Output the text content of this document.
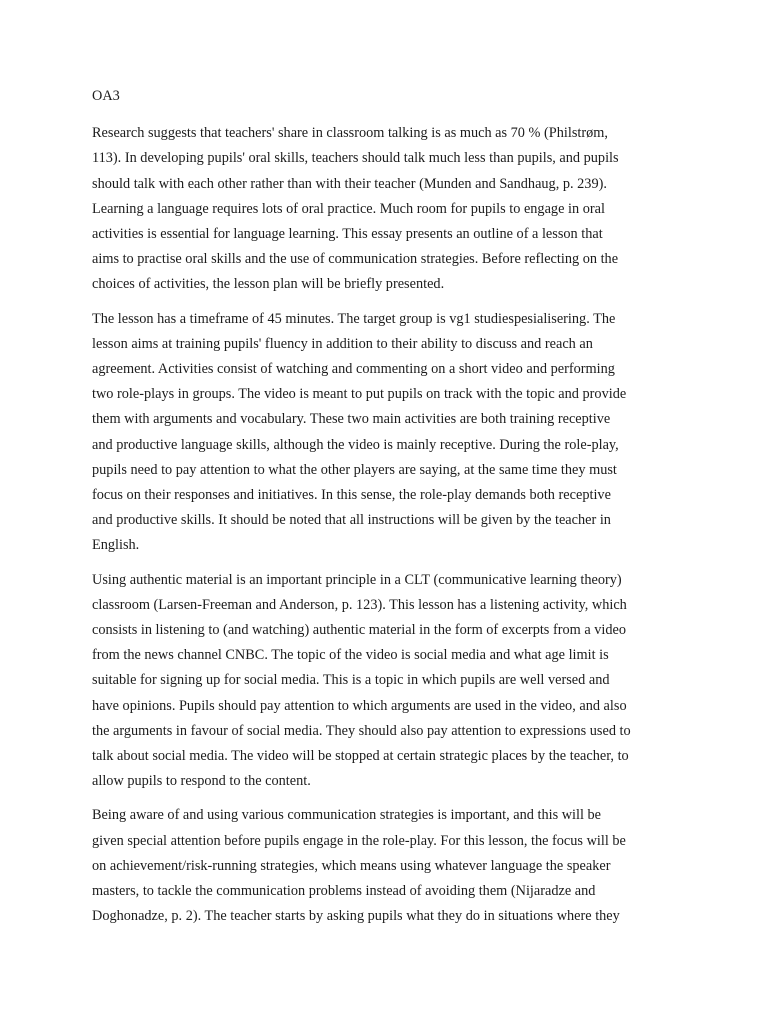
OA3

Research suggests that teachers' share in classroom talking is as much as 70 % (Philstrøm,
113). In developing pupils' oral skills, teachers should talk much less than pupils, and pupils
should talk with each other rather than with their teacher (Munden and Sandhaug, p. 239).
Learning a language requires lots of oral practice. Much room for pupils to engage in oral
activities is essential for language learning. This essay presents an outline of a lesson that
aims to practise oral skills and the use of communication strategies. Before reflecting on the
choices of activities, the lesson plan will be briefly presented.

The lesson has a timeframe of 45 minutes. The target group is vg1 studiespesialisering. The
lesson aims at training pupils' fluency in addition to their ability to discuss and reach an
agreement. Activities consist of watching and commenting on a short video and performing
two role-plays in groups. The video is meant to put pupils on track with the topic and provide
them with arguments and vocabulary. These two main activities are both training receptive
and productive language skills, although the video is mainly receptive. During the role-play,
pupils need to pay attention to what the other players are saying, at the same time they must
focus on their responses and initiatives. In this sense, the role-play demands both receptive
and productive skills. It should be noted that all instructions will be given by the teacher in
English.

Using authentic material is an important principle in a CLT (communicative learning theory)
classroom (Larsen-Freeman and Anderson, p. 123). This lesson has a listening activity, which
consists in listening to (and watching) authentic material in the form of excerpts from a video
from the news channel CNBC. The topic of the video is social media and what age limit is
suitable for signing up for social media. This is a topic in which pupils are well versed and
have opinions. Pupils should pay attention to which arguments are used in the video, and also
the arguments in favour of social media. They should also pay attention to expressions used to
talk about social media. The video will be stopped at certain strategic places by the teacher, to
allow pupils to respond to the content.

Being aware of and using various communication strategies is important, and this will be
given special attention before pupils engage in the role-play. For this lesson, the focus will be
on achievement/risk-running strategies, which means using whatever language the speaker
masters, to tackle the communication problems instead of avoiding them (Nijaradze and
Doghonadze, p. 2). The teacher starts by asking pupils what they do in situations where they
